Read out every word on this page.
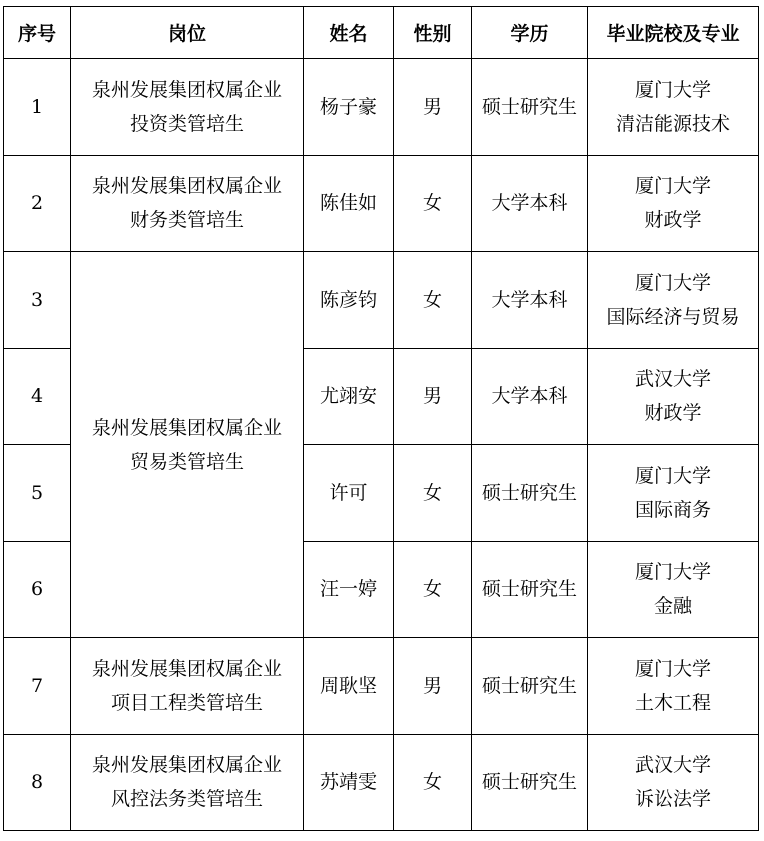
序号	岗位	姓名	性别	学历	毕业院校及专业
1	泉州发展集团权属企业
投资类管培生	杨子豪	男	硕士研究生	厦门大学
清洁能源技术

2	泉州发展集团权属企业
财务类管培生	陈佳如	女	大学本科	厦门大学
财政学

3	泉州发展集团权属企业
贸易类管培生	陈彦钧	女	大学本科	厦门大学
国际经济与贸易

4		尤翊安	男	大学本科	武汉大学
财政学

5		许可	女	硕士研究生	厦门大学
国际商务

6		汪一婷	女	硕士研究生	厦门大学
金融

7	泉州发展集团权属企业
项目工程类管培生	周耿坚	男	硕士研究生	厦门大学
土木工程

8	泉州发展集团权属企业
风控法务类管培生	苏靖雯	女	硕士研究生	武汉大学
诉讼法学
